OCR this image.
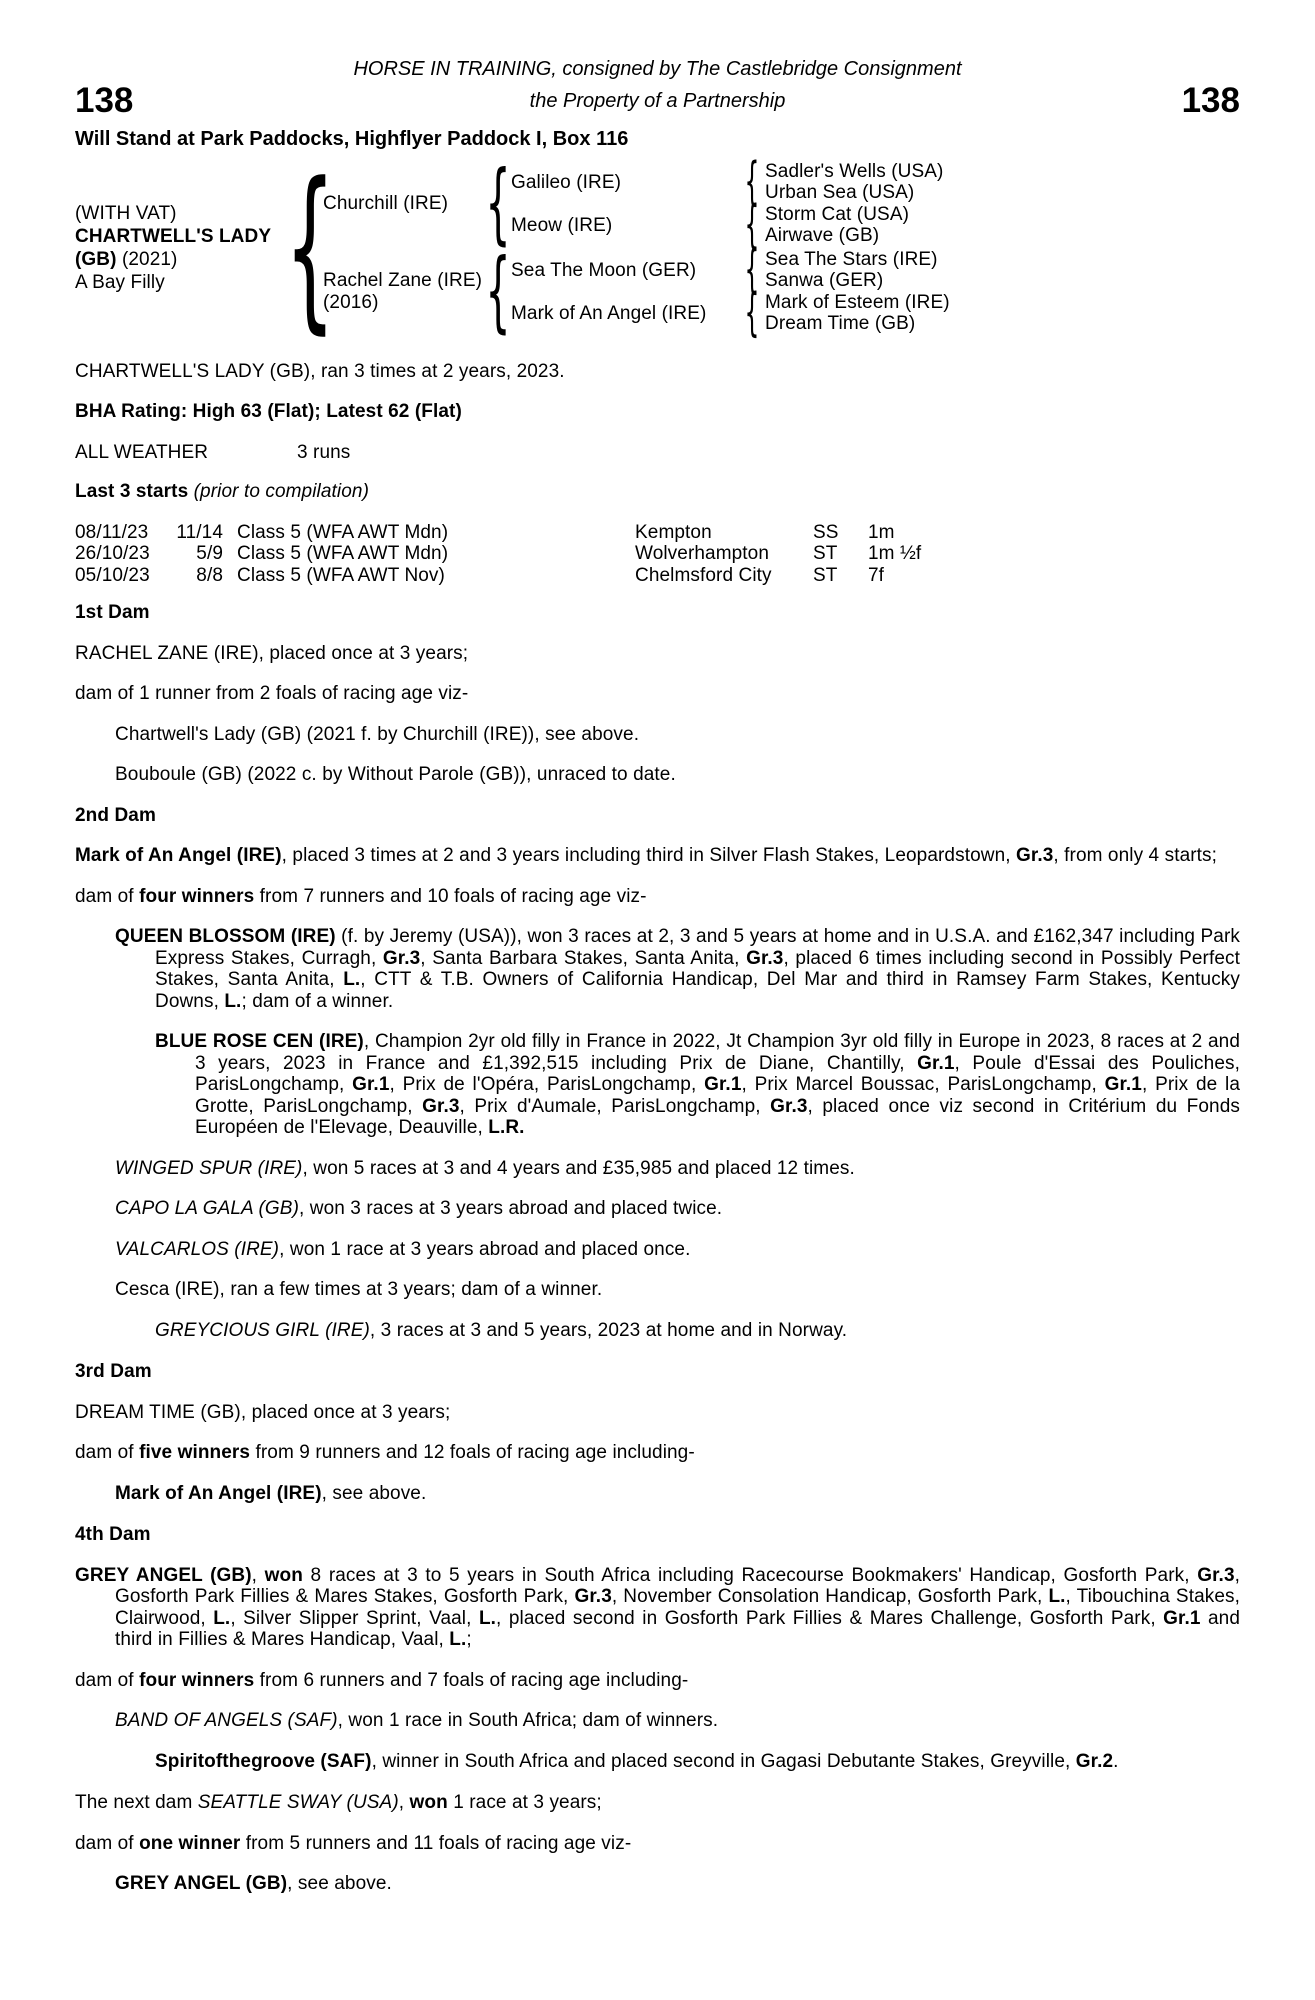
HORSE IN TRAINING, consigned by The Castlebridge Consignment
138	the Property of a Partnership	138
Will Stand at Park Paddocks, Highflyer Paddock I, Box 116
(WITH VAT)
CHARTWELL'S LADY (GB) (2021)
A Bay Filly {
Churchill (IRE) { Galileo (IRE)	{ Sadler's Wells (USA)
Urban Sea (USA)
Meow (IRE)	{ Storm Cat (USA)
Airwave (GB)
Rachel Zane (IRE)
(2016)	{ Sea The Moon (GER) { Sea The Stars (IRE)
Sanwa (GER)
Mark of An Angel (IRE) { Mark of Esteem (IRE)
Dream Time (GB)

CHARTWELL'S LADY (GB), ran 3 times at 2 years, 2023.

BHA Rating: High 63 (Flat); Latest 62 (Flat)

ALL WEATHER	3 runs

Last 3 starts (prior to compilation)

08/11/23	11/14 Class 5 (WFA AWT Mdn)	Kempton	SS	1m
26/10/23	5/9 Class 5 (WFA AWT Mdn)	Wolverhampton	ST	1m ½f
05/10/23	8/8 Class 5 (WFA AWT Nov)	Chelmsford City	ST	7f

1st Dam

RACHEL ZANE (IRE), placed once at 3 years;

dam of 1 runner from 2 foals of racing age viz-

Chartwell's Lady (GB) (2021 f. by Churchill (IRE)), see above.

Bouboule (GB) (2022 c. by Without Parole (GB)), unraced to date.

2nd Dam

Mark of An Angel (IRE), placed 3 times at 2 and 3 years including third in Silver Flash Stakes, Leopardstown, Gr.3, from only 4 starts;

dam of four winners from 7 runners and 10 foals of racing age viz-

QUEEN BLOSSOM (IRE) (f. by Jeremy (USA)), won 3 races at 2, 3 and 5 years at home and in U.S.A. and £162,347 including Park Express Stakes, Curragh, Gr.3, Santa Barbara Stakes, Santa Anita, Gr.3, placed 6 times including second in Possibly Perfect Stakes, Santa Anita, L., CTT & T.B. Owners of California Handicap, Del Mar and third in Ramsey Farm Stakes, Kentucky Downs, L.; dam of a winner.

BLUE ROSE CEN (IRE), Champion 2yr old filly in France in 2022, Jt Champion 3yr old filly in Europe in 2023, 8 races at 2 and 3 years, 2023 in France and £1,392,515 including Prix de Diane, Chantilly, Gr.1, Poule d'Essai des Pouliches, ParisLongchamp, Gr.1, Prix de l'Opéra, ParisLongchamp, Gr.1, Prix Marcel Boussac, ParisLongchamp, Gr.1, Prix de la Grotte, ParisLongchamp, Gr.3, Prix d'Aumale, ParisLongchamp, Gr.3, placed once viz second in Critérium du Fonds Européen de l'Elevage, Deauville, L.R.

WINGED SPUR (IRE), won 5 races at 3 and 4 years and £35,985 and placed 12 times.

CAPO LA GALA (GB), won 3 races at 3 years abroad and placed twice.

VALCARLOS (IRE), won 1 race at 3 years abroad and placed once.

Cesca (IRE), ran a few times at 3 years; dam of a winner.

GREYCIOUS GIRL (IRE), 3 races at 3 and 5 years, 2023 at home and in Norway.

3rd Dam

DREAM TIME (GB), placed once at 3 years;

dam of five winners from 9 runners and 12 foals of racing age including-

Mark of An Angel (IRE), see above.

4th Dam

GREY ANGEL (GB), won 8 races at 3 to 5 years in South Africa including Racecourse Bookmakers' Handicap, Gosforth Park, Gr.3, Gosforth Park Fillies & Mares Stakes, Gosforth Park, Gr.3, November Consolation Handicap, Gosforth Park, L., Tibouchina Stakes, Clairwood, L., Silver Slipper Sprint, Vaal, L., placed second in Gosforth Park Fillies & Mares Challenge, Gosforth Park, Gr.1 and third in Fillies & Mares Handicap, Vaal, L.;

dam of four winners from 6 runners and 7 foals of racing age including-

BAND OF ANGELS (SAF), won 1 race in South Africa; dam of winners.

Spiritofthegroove (SAF), winner in South Africa and placed second in Gagasi Debutante Stakes, Greyville, Gr.2.

The next dam SEATTLE SWAY (USA), won 1 race at 3 years;

dam of one winner from 5 runners and 11 foals of racing age viz-

GREY ANGEL (GB), see above.
